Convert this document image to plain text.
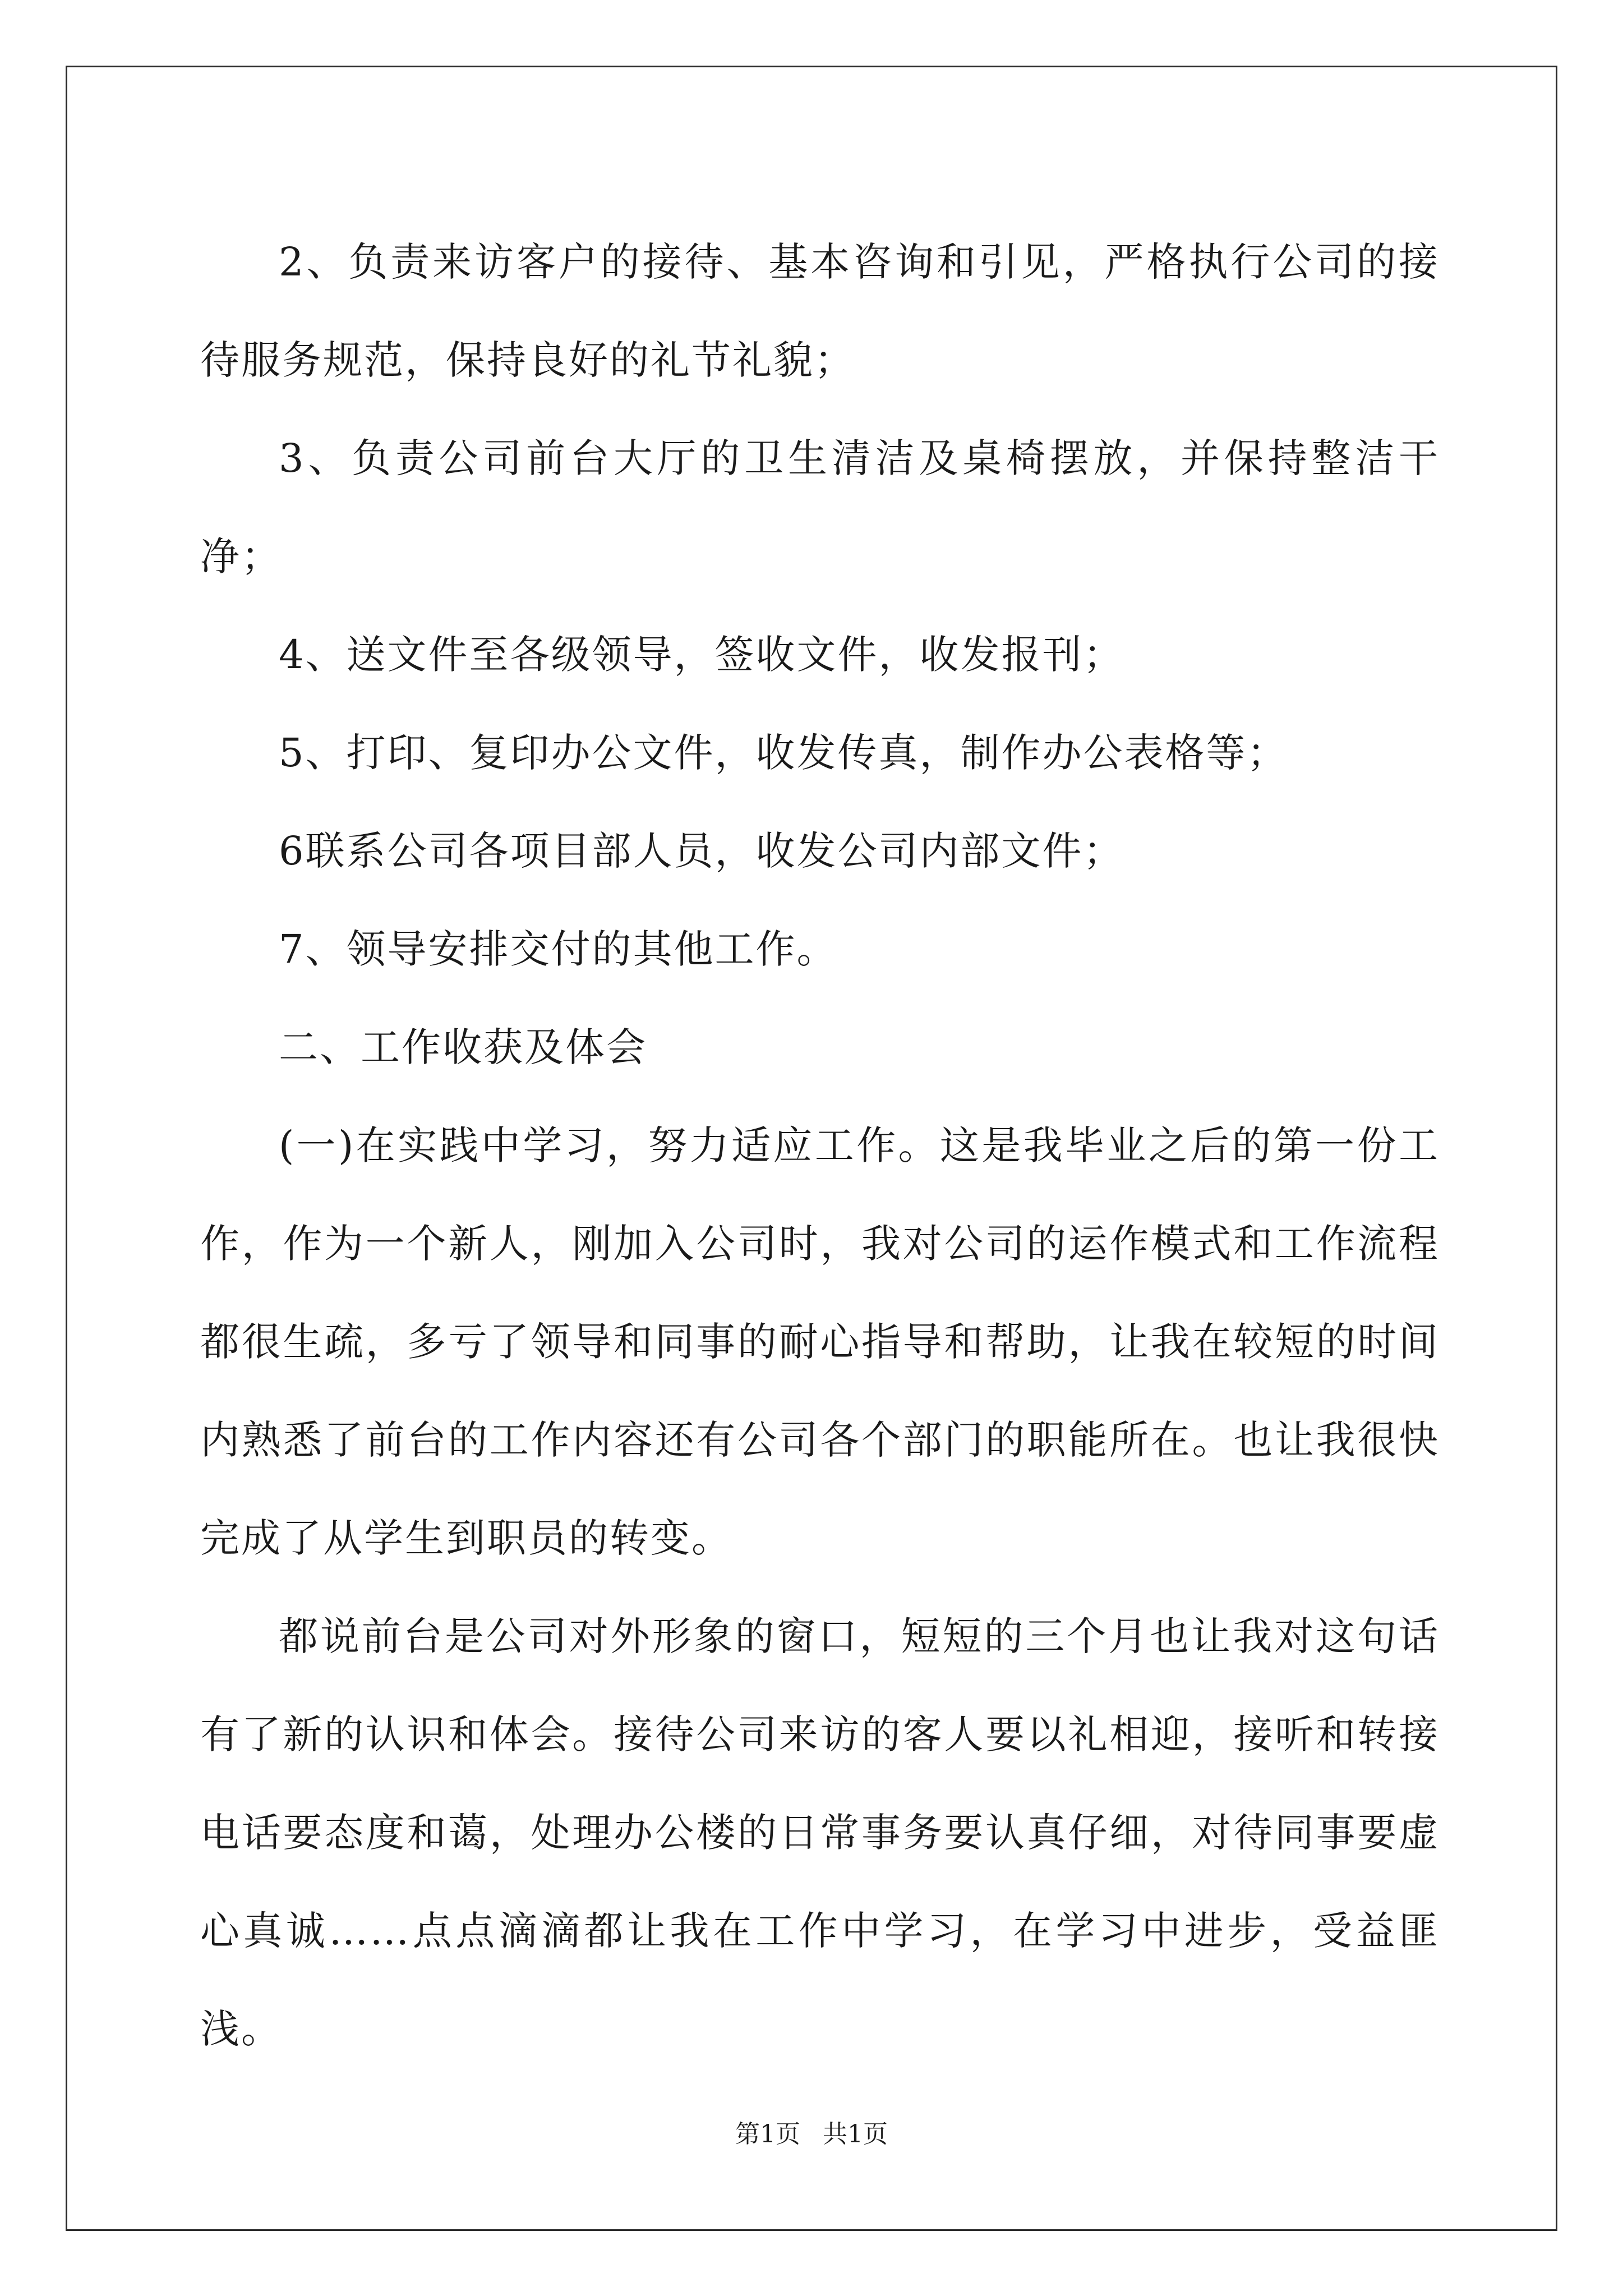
2、负责来访客户的接待、基本咨询和引见，严格执行公司的接待服务规范，保持良好的礼节礼貌；

3、负责公司前台大厅的卫生清洁及桌椅摆放，并保持整洁干净；

4、送文件至各级领导，签收文件，收发报刊；

5、打印、复印办公文件，收发传真，制作办公表格等；

6联系公司各项目部人员，收发公司内部文件；

7、领导安排交付的其他工作。

二、工作收获及体会

(一)在实践中学习，努力适应工作。这是我毕业之后的第一份工作，作为一个新人，刚加入公司时，我对公司的运作模式和工作流程都很生疏，多亏了领导和同事的耐心指导和帮助，让我在较短的时间内熟悉了前台的工作内容还有公司各个部门的职能所在。也让我很快完成了从学生到职员的转变。

都说前台是公司对外形象的窗口，短短的三个月也让我对这句话有了新的认识和体会。接待公司来访的客人要以礼相迎，接听和转接电话要态度和蔼，处理办公楼的日常事务要认真仔细，对待同事要虚心真诚……点点滴滴都让我在工作中学习，在学习中进步，受益匪浅。

第1页 共1页
